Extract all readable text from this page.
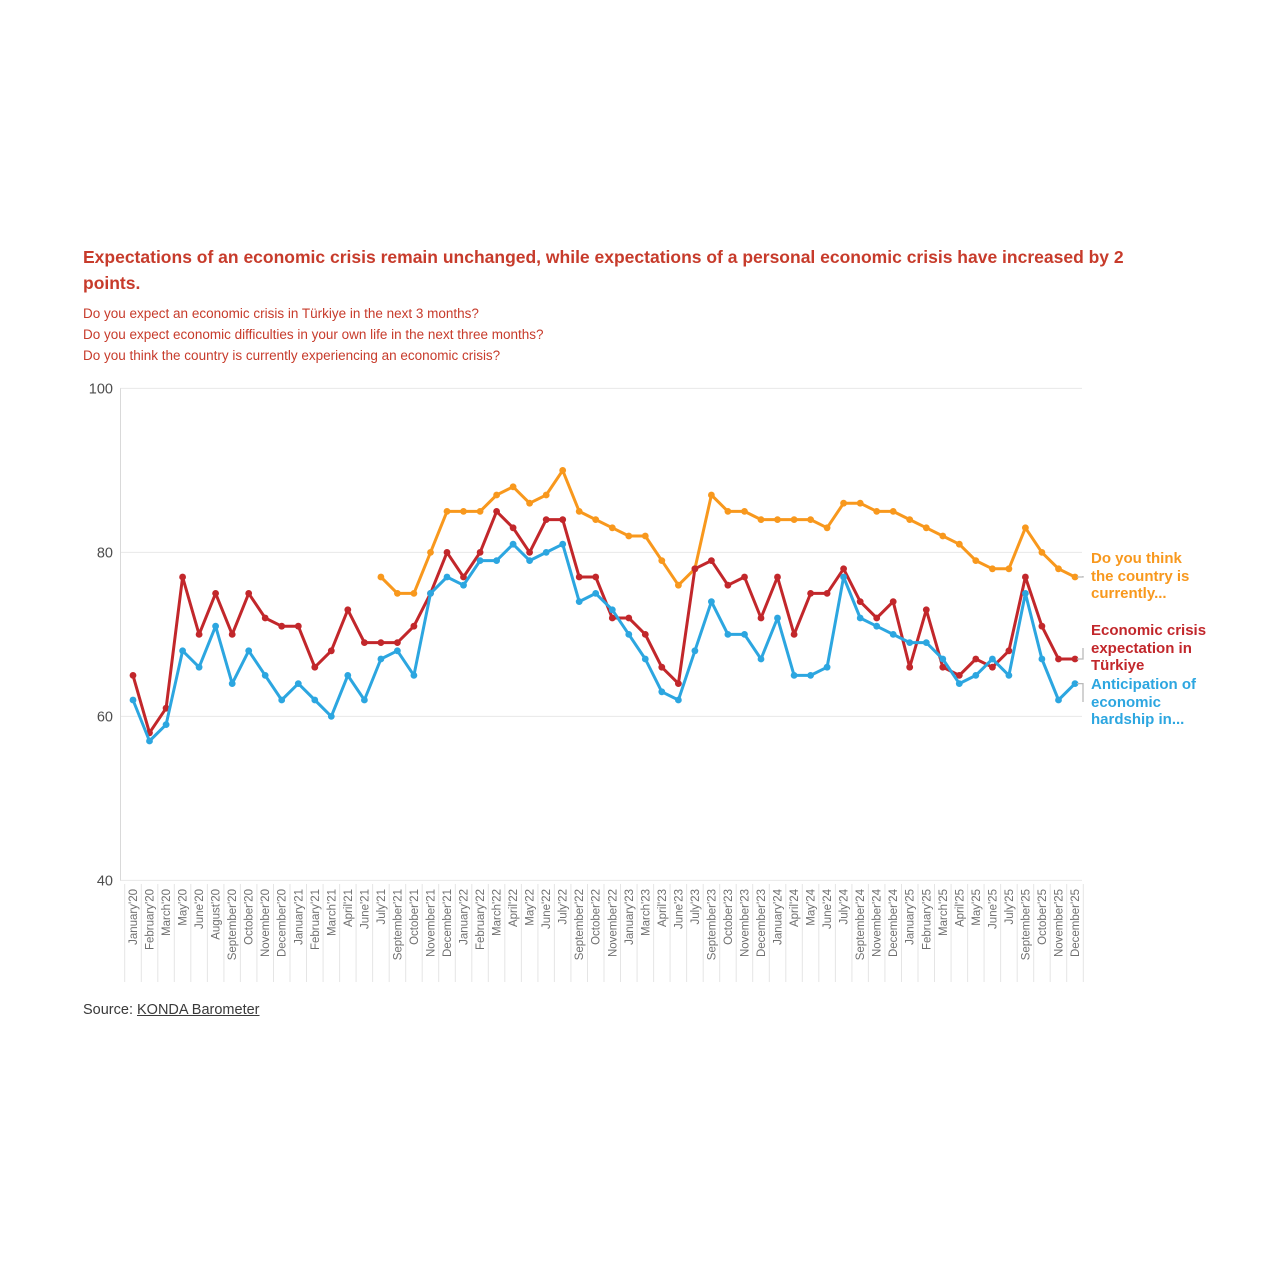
Expectations of an economic crisis remain unchanged, while expectations of a personal economic crisis have increased by 2 points.
Do you expect an economic crisis in Türkiye in the next 3 months?
Do you expect economic difficulties in your own life in the next three months?
Do you think the country is currently experiencing an economic crisis?
100
80
60
40
January'20 February'20 March'20 May'20 June'20 August'20 September'20 October'20 November'20 December'20 January'21 February'21 March'21 April'21 June'21 July'21 September'21 October'21 November'21 December'21 January'22 February'22 March'22 April'22 May'22 June'22 July'22 September'22 October'22 November'22 January'23 March'23 April'23 June'23 July'23 September'23 October'23 November'23 December'23 January'24 April'24 May'24 June'24 July'24 September'24 November'24 December'24 January'25 February'25 March'25 April'25 May'25 June'25 July'25 September'25 October'25 November'25 December'25
Do you think
the country is
currently...
Economic crisis
expectation in
Türkiye
Anticipation of
economic
hardship in...
Source: KONDA Barometer
